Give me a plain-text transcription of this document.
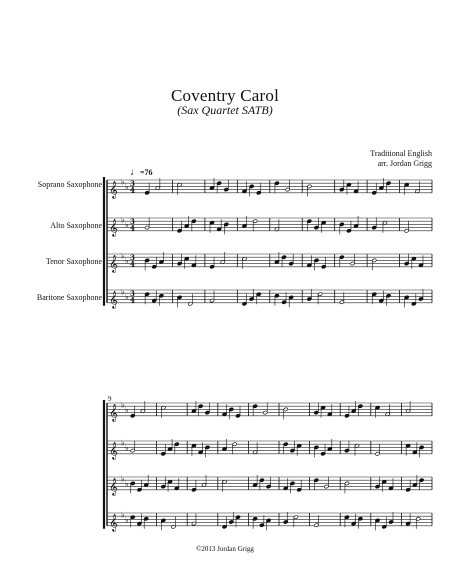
Coventry Carol
(Sax Quartet SATB)
Traditional English
arr. Jordan Grigg
♩=76
Soprano Saxophone
Alto Saxophone
Tenor Saxophone
Baritone Saxophone
9
𝄞 ♭
♭ 3
4
𝄞 ♭
♭ 3
4
𝄞 ♭
♭ 3
4
𝄞 ♭
♭ 3
4
𝄞 ♭
♭
𝄞 ♭
♭
𝄞 ♭
♭
𝄞 ♭
♭
©2013 Jordan Grigg
